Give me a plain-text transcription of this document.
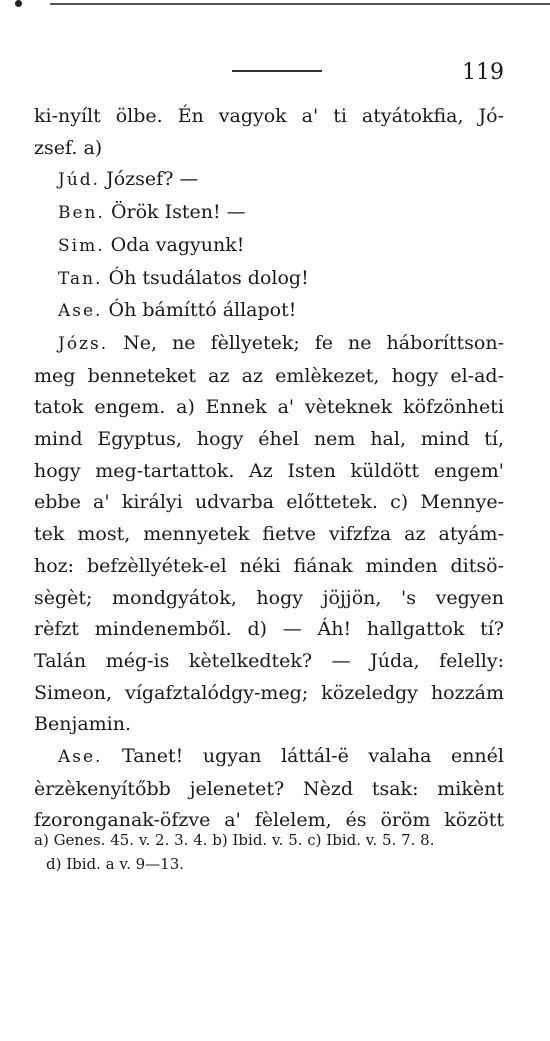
119
ki-nyílt ölbe. Én vagyok a' ti atyátokfia, Jó-
zsef. a)
Júd. József? —
Ben. Örök Isten! —
Sim. Oda vagyunk!
Tan. Óh tsudálatos dolog!
Ase. Óh bámíttó állapot!
Józs. Ne, ne fèllyetek; fe ne háboríttson-
meg benneteket az az emlèkezet, hogy el-ad-
tatok engem. a) Ennek a' vèteknek köfzönheti
mind Egyptus, hogy éhel nem hal, mind tí,
hogy meg-tartattok. Az Isten küldött engem'
ebbe a' királyi udvarba előttetek. c) Mennye-
tek most, mennyetek fietve vifzfza az atyám-
hoz: befzèllyétek-el néki fiának minden ditsö-
sègèt; mondgyátok, hogy jöjjön, 's vegyen
rèfzt mindenemből. d) — Áh! hallgattok tí?
Talán még-is kètelkedtek? — Júda, felelly:
Simeon, vígafztalódgy-meg; közeledgy hozzám
Benjamin.
Ase. Tanet! ugyan láttál-ë valaha ennél
èrzèkenyítőbb jelenetet? Nèzd tsak: mikènt
fzoronganak-öfzve a' fèlelem, és öröm között
a) Genes. 45. v. 2. 3. 4. b) Ibid. v. 5. c) Ibid. v. 5. 7. 8.
d) Ibid. a v. 9—13.
